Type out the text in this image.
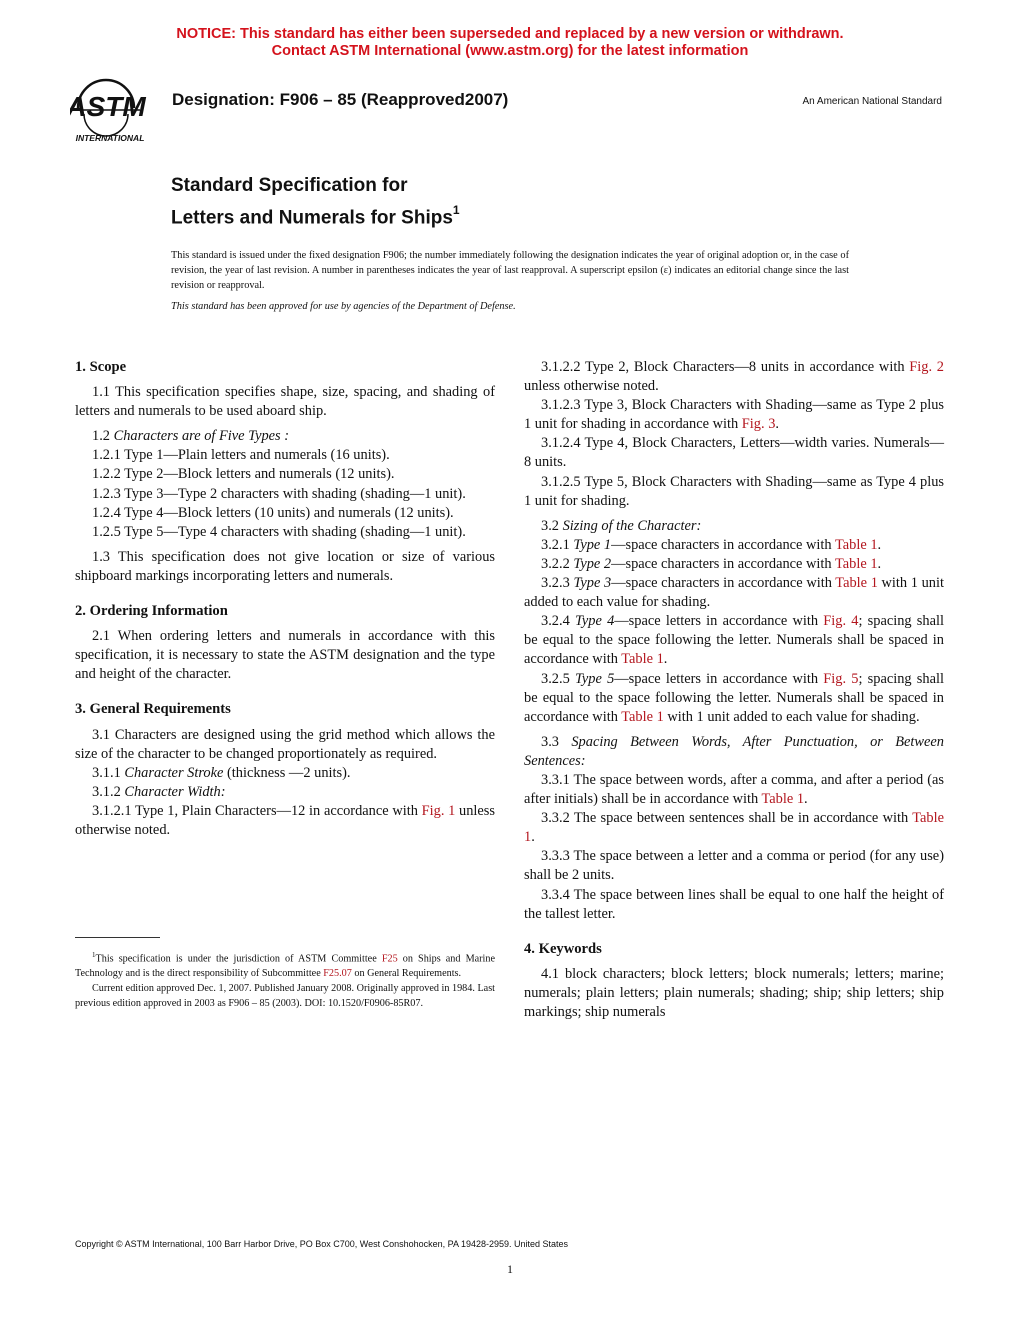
NOTICE: This standard has either been superseded and replaced by a new version or withdrawn.
Contact ASTM International (www.astm.org) for the latest information
ASTM
INTERNATIONAL
Designation: F906 – 85 (Reapproved2007)	An American National Standard
Standard Specification for
Letters and Numerals for Ships$^1$
This standard is issued under the fixed designation F906; the number immediately following the designation indicates the year of original adoption or, in the case of revision, the year of last revision. A number in parentheses indicates the year of last reapproval. A superscript epsilon (ε) indicates an editorial change since the last revision or reapproval.
This standard has been approved for use by agencies of the Department of Defense.
1. Scope

1.1 This specification specifies shape, size, spacing, and shading of letters and numerals to be used aboard ship.

1.2 Characters are of Five Types :

1.2.1 Type 1—Plain letters and numerals (16 units).

1.2.2 Type 2—Block letters and numerals (12 units).

1.2.3 Type 3—Type 2 characters with shading (shading—1 unit).

1.2.4 Type 4—Block letters (10 units) and numerals (12 units).

1.2.5 Type 5—Type 4 characters with shading (shading—1 unit).

1.3 This specification does not give location or size of various shipboard markings incorporating letters and numerals.

2. Ordering Information

2.1 When ordering letters and numerals in accordance with this specification, it is necessary to state the ASTM designation and the type and height of the character.

3. General Requirements

3.1 Characters are designed using the grid method which allows the size of the character to be changed proportionately as required.

3.1.1 Character Stroke (thickness —2 units).

3.1.2 Character Width:

3.1.2.1 Type 1, Plain Characters—12 in accordance with Fig. 1 unless otherwise noted.

3.1.2.2 Type 2, Block Characters—8 units in accordance with Fig. 2 unless otherwise noted.

3.1.2.3 Type 3, Block Characters with Shading—same as Type 2 plus 1 unit for shading in accordance with Fig. 3.

3.1.2.4 Type 4, Block Characters, Letters—width varies. Numerals—8 units.

3.1.2.5 Type 5, Block Characters with Shading—same as Type 4 plus 1 unit for shading.

3.2 Sizing of the Character:

3.2.1 Type 1—space characters in accordance with Table 1.

3.2.2 Type 2—space characters in accordance with Table 1.

3.2.3 Type 3—space characters in accordance with Table 1 with 1 unit added to each value for shading.

3.2.4 Type 4—space letters in accordance with Fig. 4; spacing shall be equal to the space following the letter. Numerals shall be spaced in accordance with Table 1.

3.2.5 Type 5—space letters in accordance with Fig. 5; spacing shall be equal to the space following the letter. Numerals shall be spaced in accordance with Table 1 with 1 unit added to each value for shading.

3.3 Spacing Between Words, After Punctuation, or Between Sentences:

3.3.1 The space between words, after a comma, and after a period (as after initials) shall be in accordance with Table 1.

3.3.2 The space between sentences shall be in accordance with Table 1.

3.3.3 The space between a letter and a comma or period (for any use) shall be 2 units.

3.3.4 The space between lines shall be equal to one half the height of the tallest letter.

4. Keywords

4.1 block characters; block letters; block numerals; letters; marine; numerals; plain letters; plain numerals; shading; ship; ship letters; ship markings; ship numerals

$^1$This specification is under the jurisdiction of ASTM Committee F25 on Ships and Marine Technology and is the direct responsibility of Subcommittee F25.07 on General Requirements.

Current edition approved Dec. 1, 2007. Published January 2008. Originally approved in 1984. Last previous edition approved in 2003 as F906 – 85 (2003). DOI: 10.1520/F0906-85R07.

Copyright © ASTM International, 100 Barr Harbor Drive, PO Box C700, West Conshohocken, PA 19428-2959. United States
1
